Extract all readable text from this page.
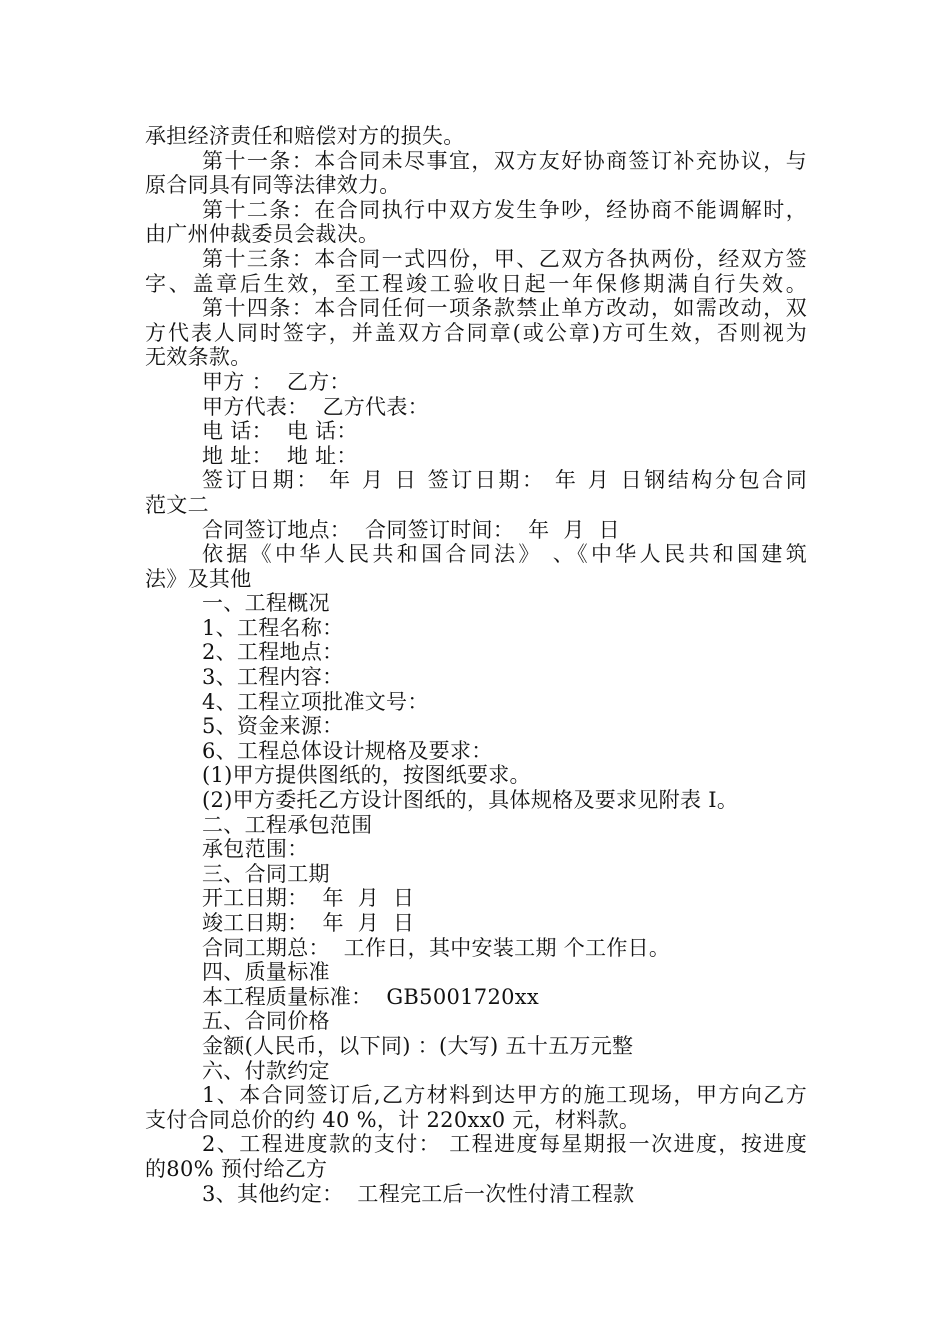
承担经济责任和赔偿对方的损失。
第十一条：本合同未尽事宜，双方友好协商签订补充协议，与
原合同具有同等法律效力。
第十二条：在合同执行中双方发生争吵，经协商不能调解时，
由广州仲裁委员会裁决。
第十三条：本合同一式四份，甲、乙双方各执两份，经双方签
字、盖章后生效，至工程竣工验收日起一年保修期满自行失效。
第十四条：本合同任何一项条款禁止单方改动，如需改动，双
方代表人同时签字，并盖双方合同章(或公章)方可生效，否则视为
无效条款。
甲方 ：  乙方：
甲方代表：  乙方代表：
电 话：  电 话：
地 址：  地 址：
签订日期： 年 月 日 签订日期： 年 月 日钢结构分包合同
范文二
合同签订地点：  合同签订时间：  年  月  日
依据《中华人民共和国合同法》 、《中华人民共和国建筑
法》及其他
一、工程概况
1、工程名称：
2、工程地点：
3、工程内容：
4、工程立项批准文号：
5、资金来源：
6、工程总体设计规格及要求：
(1)甲方提供图纸的，按图纸要求。
(2)甲方委托乙方设计图纸的，具体规格及要求见附表 I。
二、工程承包范围
承包范围：
三、合同工期
开工日期：  年  月  日
竣工日期：  年  月  日
合同工期总：  工作日，其中安装工期 个工作日。
四、质量标准
本工程质量标准：  GB5001720xx
五、合同价格
金额(人民币，以下同) ：(大写) 五十五万元整
六、付款约定
1、本合同签订后,乙方材料到达甲方的施工现场，甲方向乙方
支付合同总价的约 40 %，计 220xx0 元，材料款。
2、工程进度款的支付： 工程进度每星期报一次进度，按进度
的80% 预付给乙方
3、其他约定：  工程完工后一次性付清工程款
